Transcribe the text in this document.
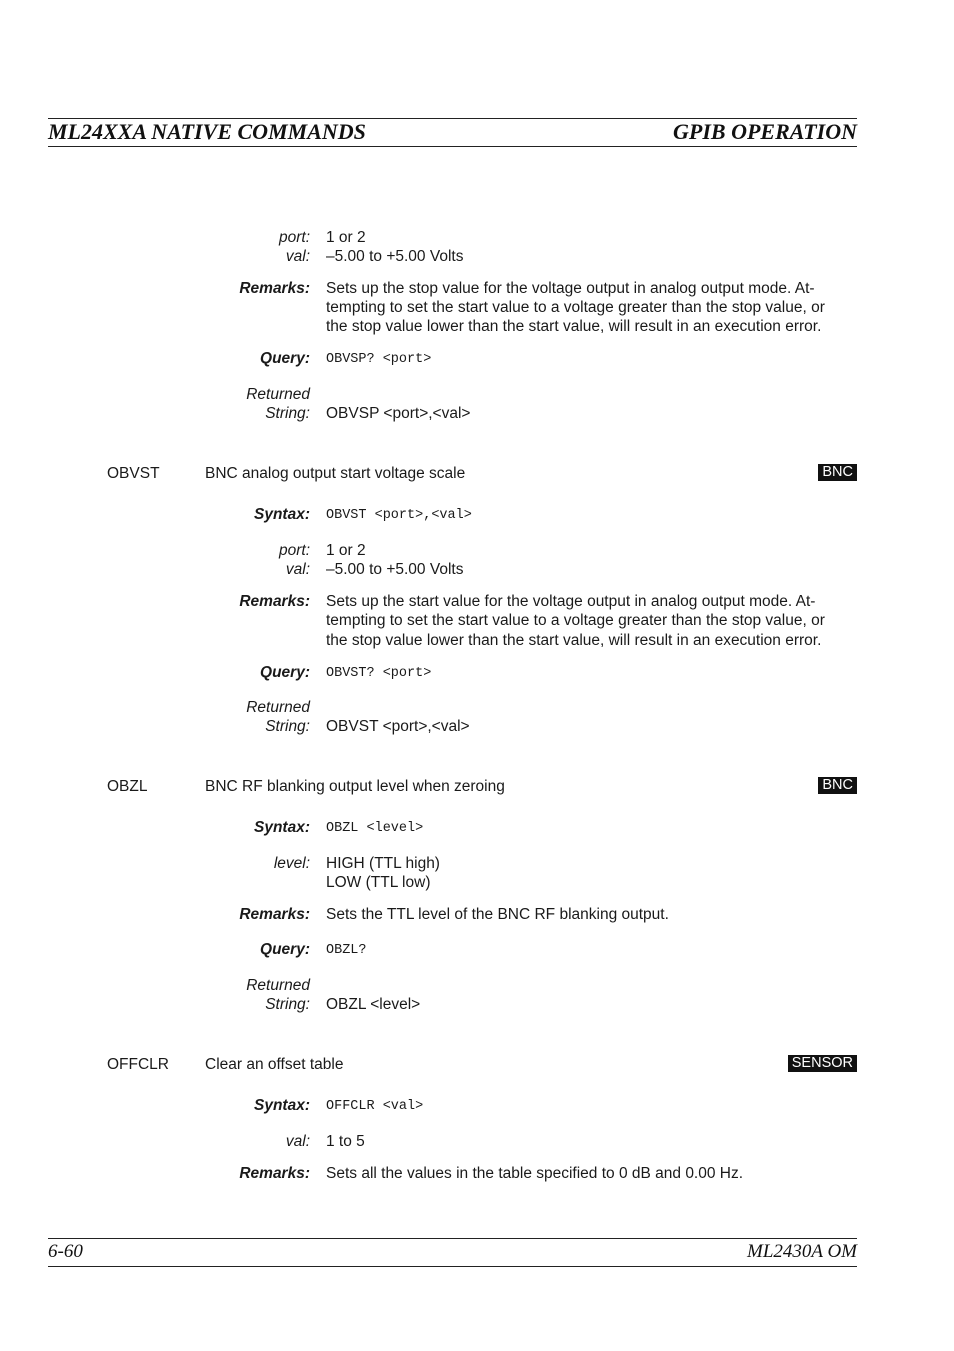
ML24XXA NATIVE COMMANDS	GPIB OPERATION
port: 1 or 2
val: –5.00 to +5.00 Volts
Remarks: Sets up the stop value for the voltage output in analog output mode. At-
tempting to set the start value to a voltage greater than the stop value, or
the stop value lower than the start value, will result in an execution error.
Query: OBVSP? <port>
Returned
String: OBVSP <port>,<val>
OBVST	BNC analog output start voltage scale	BNC
Syntax: OBVST <port>,<val>
port: 1 or 2
val: –5.00 to +5.00 Volts
Remarks: Sets up the start value for the voltage output in analog output mode. At-
tempting to set the start value to a voltage greater than the stop value, or
the stop value lower than the start value, will result in an execution error.
Query: OBVST? <port>
Returned
String: OBVST <port>,<val>
OBZL	BNC RF blanking output level when zeroing	BNC
Syntax: OBZL <level>
level: HIGH (TTL high)
LOW (TTL low)
Remarks: Sets the TTL level of the BNC RF blanking output.
Query: OBZL?
Returned
String: OBZL <level>
OFFCLR Clear an offset table	SENSOR
Syntax: OFFCLR <val>
val: 1 to 5
Remarks: Sets all the values in the table specified to 0 dB and 0.00 Hz.
6-60	ML2430A OM
